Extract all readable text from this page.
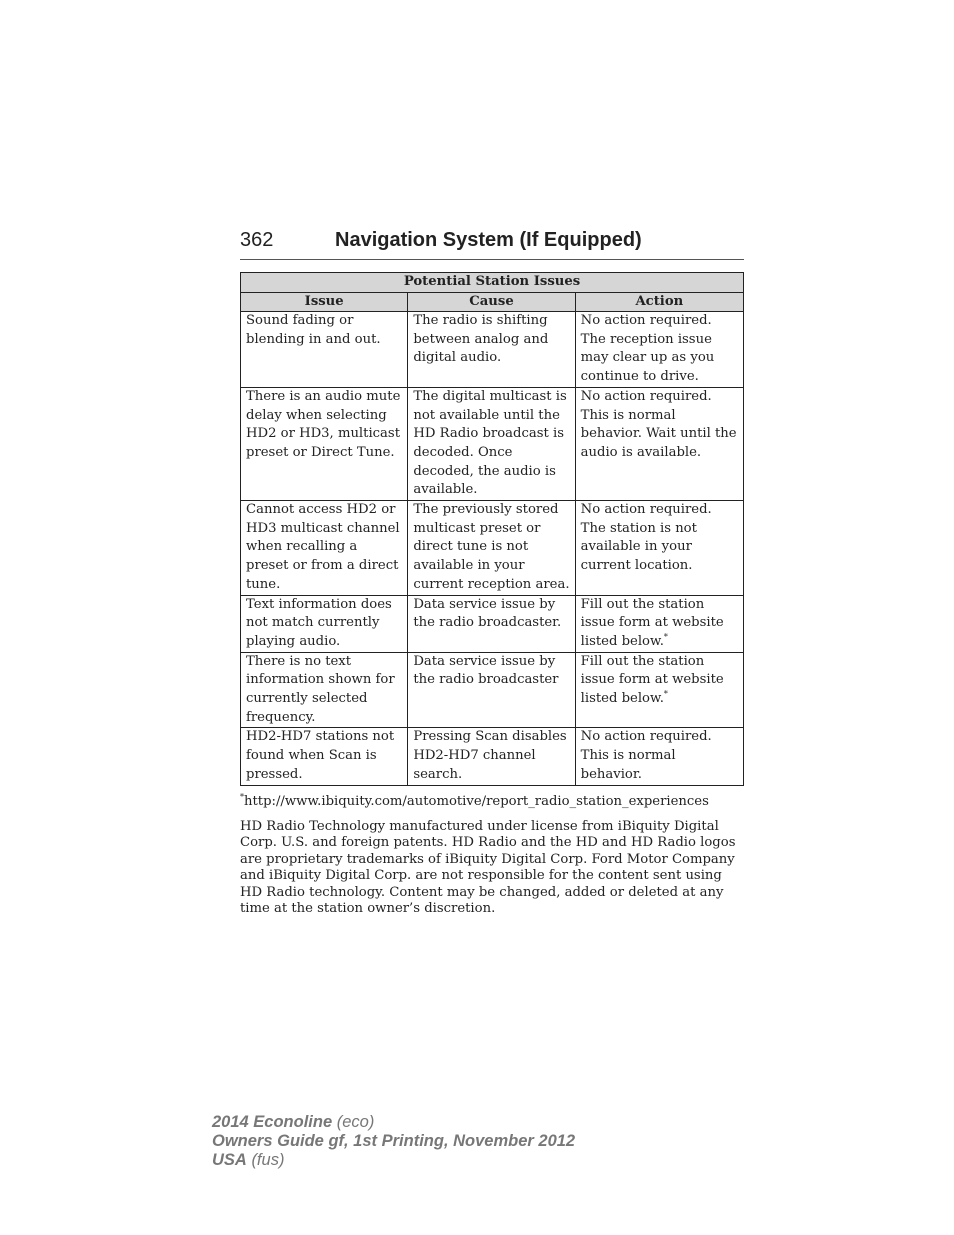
362	Navigation System (If Equipped)
Potential Station Issues		
Issue	Cause	Action
Sound fading or blending in and out.	The radio is shifting between analog and digital audio.	No action required. The reception issue may clear up as you continue to drive.
There is an audio mute delay when selecting HD2 or HD3, multicast preset or Direct Tune.	The digital multicast is not available until the HD Radio broadcast is decoded. Once decoded, the audio is available.	No action required. This is normal behavior. Wait until the audio is available.
Cannot access HD2 or HD3 multicast channel when recalling a preset or from a direct tune.	The previously stored multicast preset or direct tune is not available in your current reception area.	No action required. The station is not available in your current location.
Text information does not match currently playing audio.	Data service issue by the radio broadcaster.	Fill out the station issue form at website listed below.*
There is no text information shown for currently selected frequency.	Data service issue by the radio broadcaster	Fill out the station issue form at website listed below.*
HD2-HD7 stations not found when Scan is pressed.	Pressing Scan disables HD2-HD7 channel search.	No action required. This is normal behavior.
*http://www.ibiquity.com/automotive/report_radio_station_experiences
HD Radio Technology manufactured under license from iBiquity Digital Corp. U.S. and foreign patents. HD Radio and the HD and HD Radio logos are proprietary trademarks of iBiquity Digital Corp. Ford Motor Company and iBiquity Digital Corp. are not responsible for the content sent using HD Radio technology. Content may be changed, added or deleted at any time at the station owner’s discretion.
2014 Econoline (eco)
Owners Guide gf, 1st Printing, November 2012
USA (fus)
